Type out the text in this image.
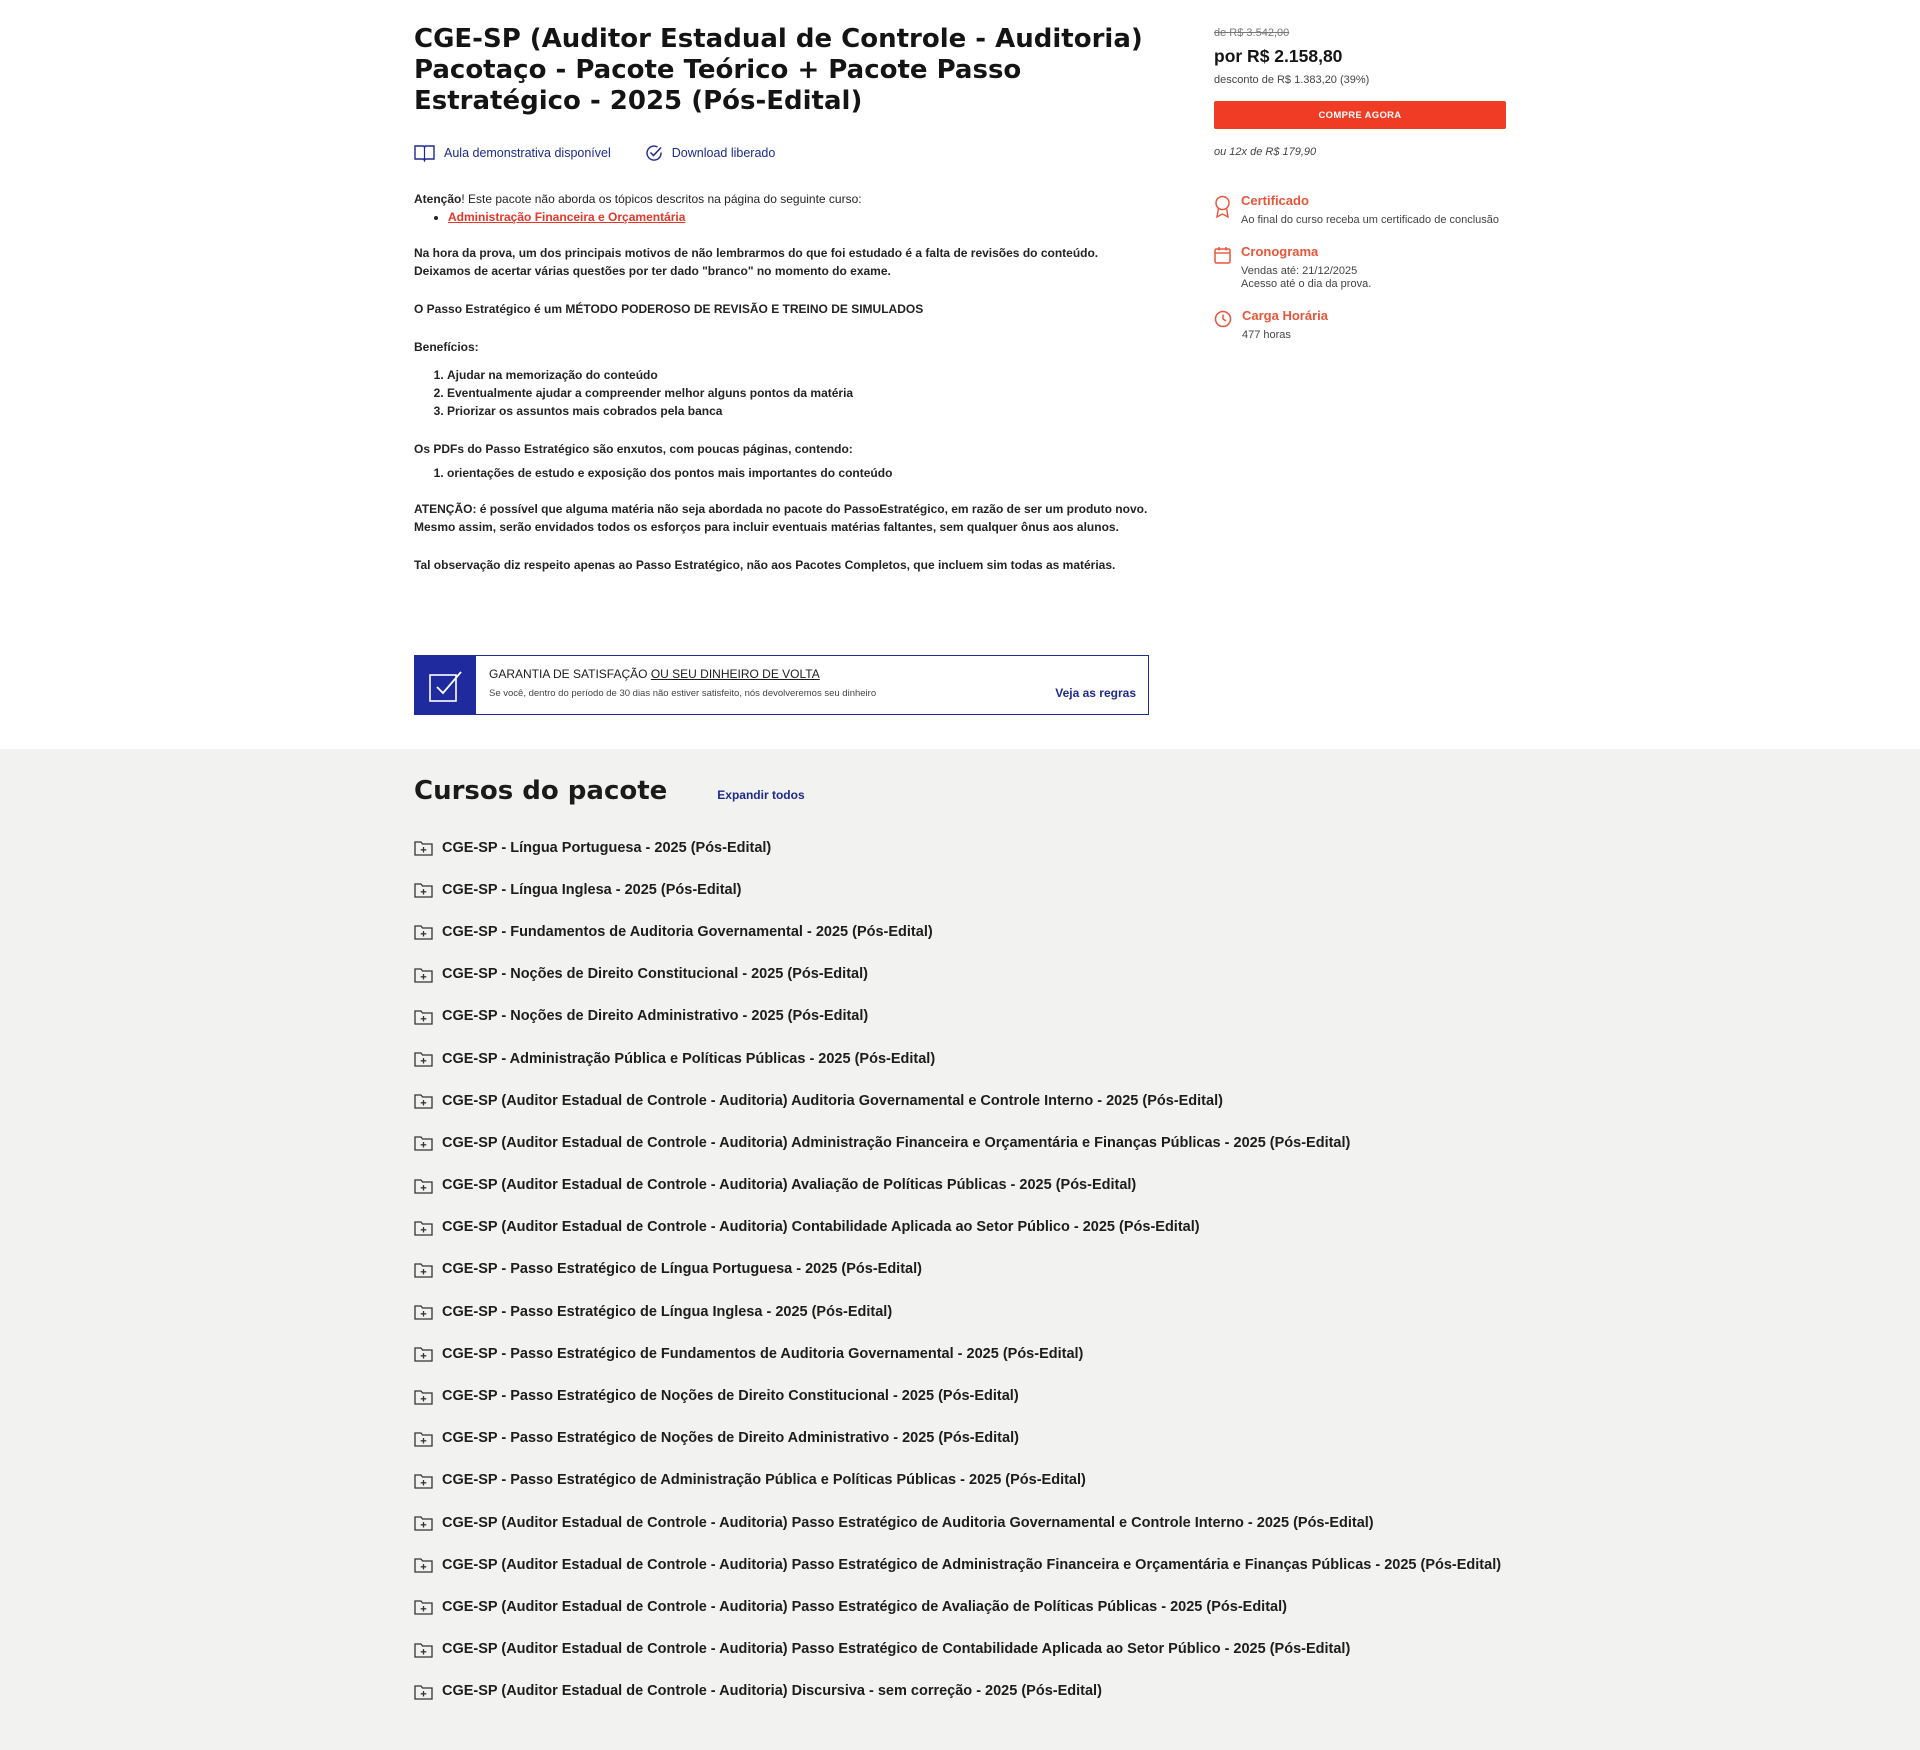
CGE-SP (Auditor Estadual de Controle - Auditoria) Pacotaço - Pacote Teórico + Pacote Passo Estratégico - 2025 (Pós-Edital)
Aula demonstrativa disponível	Download liberado

Atenção! Este pacote não aborda os tópicos descritos na página do seguinte curso:

• Administração Financeira e Orçamentária

Na hora da prova, um dos principais motivos de não lembrarmos do que foi estudado é a falta de revisões do conteúdo. Deixamos de acertar várias questões por ter dado "branco" no momento do exame.

O Passo Estratégico é um MÉTODO PODEROSO DE REVISÃO E TREINO DE SIMULADOS

Benefícios:

1. Ajudar na memorização do conteúdo
2. Eventualmente ajudar a compreender melhor alguns pontos da matéria
3. Priorizar os assuntos mais cobrados pela banca

Os PDFs do Passo Estratégico são enxutos, com poucas páginas, contendo:

1. orientações de estudo e exposição dos pontos mais importantes do conteúdo

ATENÇÃO: é possível que alguma matéria não seja abordada no pacote do PassoEstratégico, em razão de ser um produto novo. Mesmo assim, serão envidados todos os esforços para incluir eventuais matérias faltantes, sem qualquer ônus aos alunos.

Tal observação diz respeito apenas ao Passo Estratégico, não aos Pacotes Completos, que incluem sim todas as matérias.

GARANTIA DE SATISFAÇÃO OU SEU DINHEIRO DE VOLTA
Se você, dentro do período de 30 dias não estiver satisfeito, nós devolveremos seu dinheiro	Veja as regras
de R$ 3.542,00
por R$ 2.158,80
desconto de R$ 1.383,20 (39%)
COMPRE AGORA
ou 12x de R$ 179,90
Certificado
Ao final do curso receba um certificado de conclusão
Cronograma
Vendas até: 21/12/2025
Acesso até o dia da prova.
Carga Horária
477 horas
Cursos do pacote	Expandir todos
CGE-SP - Língua Portuguesa - 2025 (Pós-Edital)
CGE-SP - Língua Inglesa - 2025 (Pós-Edital)
CGE-SP - Fundamentos de Auditoria Governamental - 2025 (Pós-Edital)
CGE-SP - Noções de Direito Constitucional - 2025 (Pós-Edital)
CGE-SP - Noções de Direito Administrativo - 2025 (Pós-Edital)
CGE-SP - Administração Pública e Políticas Públicas - 2025 (Pós-Edital)
CGE-SP (Auditor Estadual de Controle - Auditoria) Auditoria Governamental e Controle Interno - 2025 (Pós-Edital)
CGE-SP (Auditor Estadual de Controle - Auditoria) Administração Financeira e Orçamentária e Finanças Públicas - 2025 (Pós-Edital)
CGE-SP (Auditor Estadual de Controle - Auditoria) Avaliação de Políticas Públicas - 2025 (Pós-Edital)
CGE-SP (Auditor Estadual de Controle - Auditoria) Contabilidade Aplicada ao Setor Público - 2025 (Pós-Edital)
CGE-SP - Passo Estratégico de Língua Portuguesa - 2025 (Pós-Edital)
CGE-SP - Passo Estratégico de Língua Inglesa - 2025 (Pós-Edital)
CGE-SP - Passo Estratégico de Fundamentos de Auditoria Governamental - 2025 (Pós-Edital)
CGE-SP - Passo Estratégico de Noções de Direito Constitucional - 2025 (Pós-Edital)
CGE-SP - Passo Estratégico de Noções de Direito Administrativo - 2025 (Pós-Edital)
CGE-SP - Passo Estratégico de Administração Pública e Políticas Públicas - 2025 (Pós-Edital)
CGE-SP (Auditor Estadual de Controle - Auditoria) Passo Estratégico de Auditoria Governamental e Controle Interno - 2025 (Pós-Edital)
CGE-SP (Auditor Estadual de Controle - Auditoria) Passo Estratégico de Administração Financeira e Orçamentária e Finanças Públicas - 2025 (Pós-Edital)
CGE-SP (Auditor Estadual de Controle - Auditoria) Passo Estratégico de Avaliação de Políticas Públicas - 2025 (Pós-Edital)
CGE-SP (Auditor Estadual de Controle - Auditoria) Passo Estratégico de Contabilidade Aplicada ao Setor Público - 2025 (Pós-Edital)
CGE-SP (Auditor Estadual de Controle - Auditoria) Discursiva - sem correção - 2025 (Pós-Edital)
